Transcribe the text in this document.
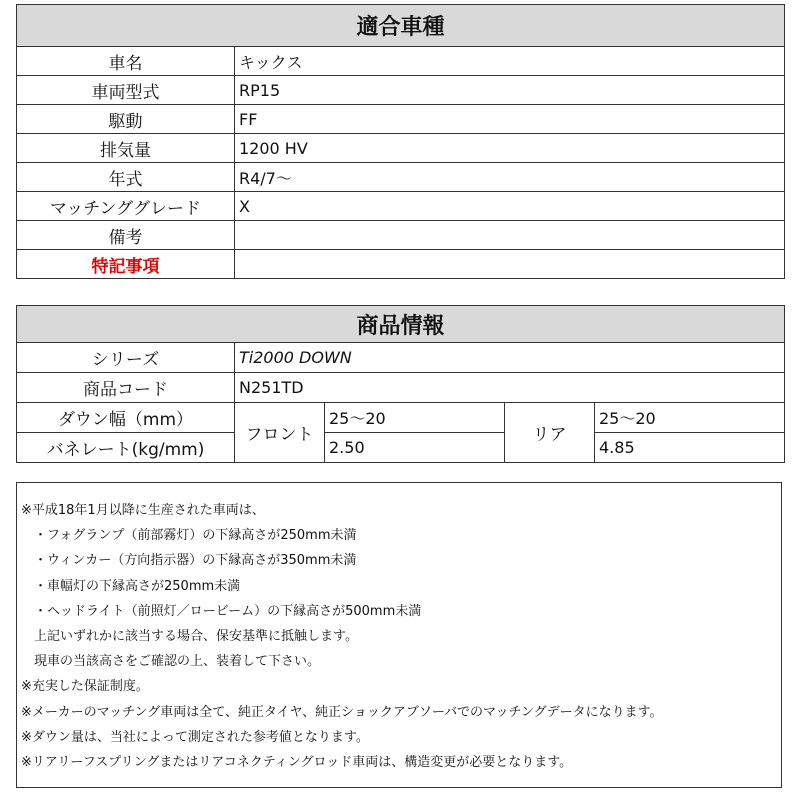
適合車種	
車名	キックス
車両型式	RP15
駆動	FF
排気量	1200 HV
年式	R4/7～
マッチンググレード	X
備考	
特記事項	
商品情報				
シリーズ	Ti2000 DOWN			
商品コード	N251TD			
ダウン幅（mm）	フロント	25～20	リア	25～20
バネレート(kg/mm)		2.50		4.85
※平成18年1月以降に生産された車両は、
　・フォグランプ（前部霧灯）の下縁高さが250mm未満
　・ウィンカー（方向指示器）の下縁高さが350mm未満
　・車幅灯の下縁高さが250mm未満
　・ヘッドライト（前照灯／ロービーム）の下縁高さが500mm未満
　上記いずれかに該当する場合、保安基準に抵触します。
　現車の当該高さをご確認の上、装着して下さい。
※充実した保証制度。
※メーカーのマッチング車両は全て、純正タイヤ、純正ショックアブソーバでのマッチングデータになります。
※ダウン量は、当社によって測定された参考値となります。
※リアリーフスプリングまたはリアコネクティングロッド車両は、構造変更が必要となります。
